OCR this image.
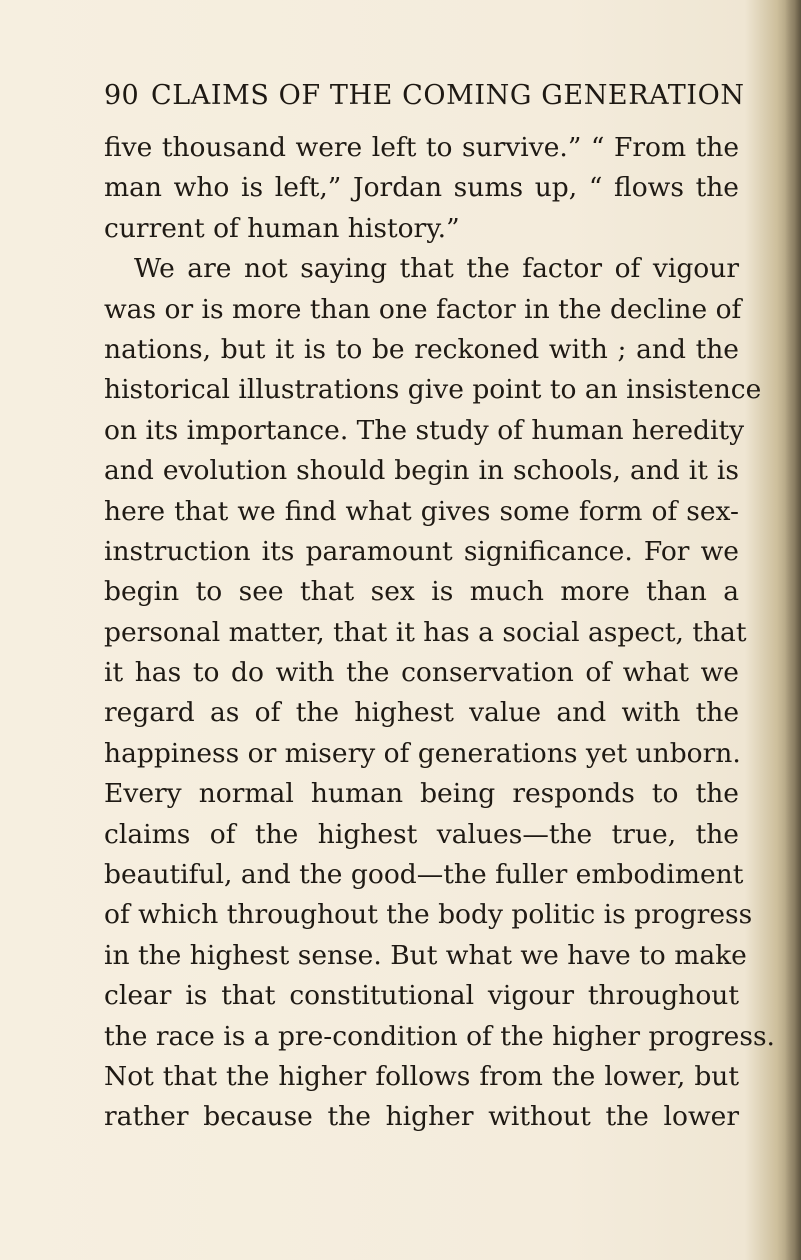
90 CLAIMS OF THE COMING GENERATION
five thousand were left to survive.” “ From the
man who is left,” Jordan sums up, “ flows the
current of human history.”
We are not saying that the factor of vigour
was or is more than one factor in the decline of
nations, but it is to be reckoned with ; and the
historical illustrations give point to an insistence
on its importance. The study of human heredity
and evolution should begin in schools, and it is
here that we find what gives some form of sex-
instruction its paramount significance. For we
begin to see that sex is much more than a
personal matter, that it has a social aspect, that
it has to do with the conservation of what we
regard as of the highest value and with the
happiness or misery of generations yet unborn.
Every normal human being responds to the
claims of the highest values—the true, the
beautiful, and the good—the fuller embodiment
of which throughout the body politic is progress
in the highest sense. But what we have to make
clear is that constitutional vigour throughout
the race is a pre-condition of the higher progress.
Not that the higher follows from the lower, but
rather because the higher without the lower
